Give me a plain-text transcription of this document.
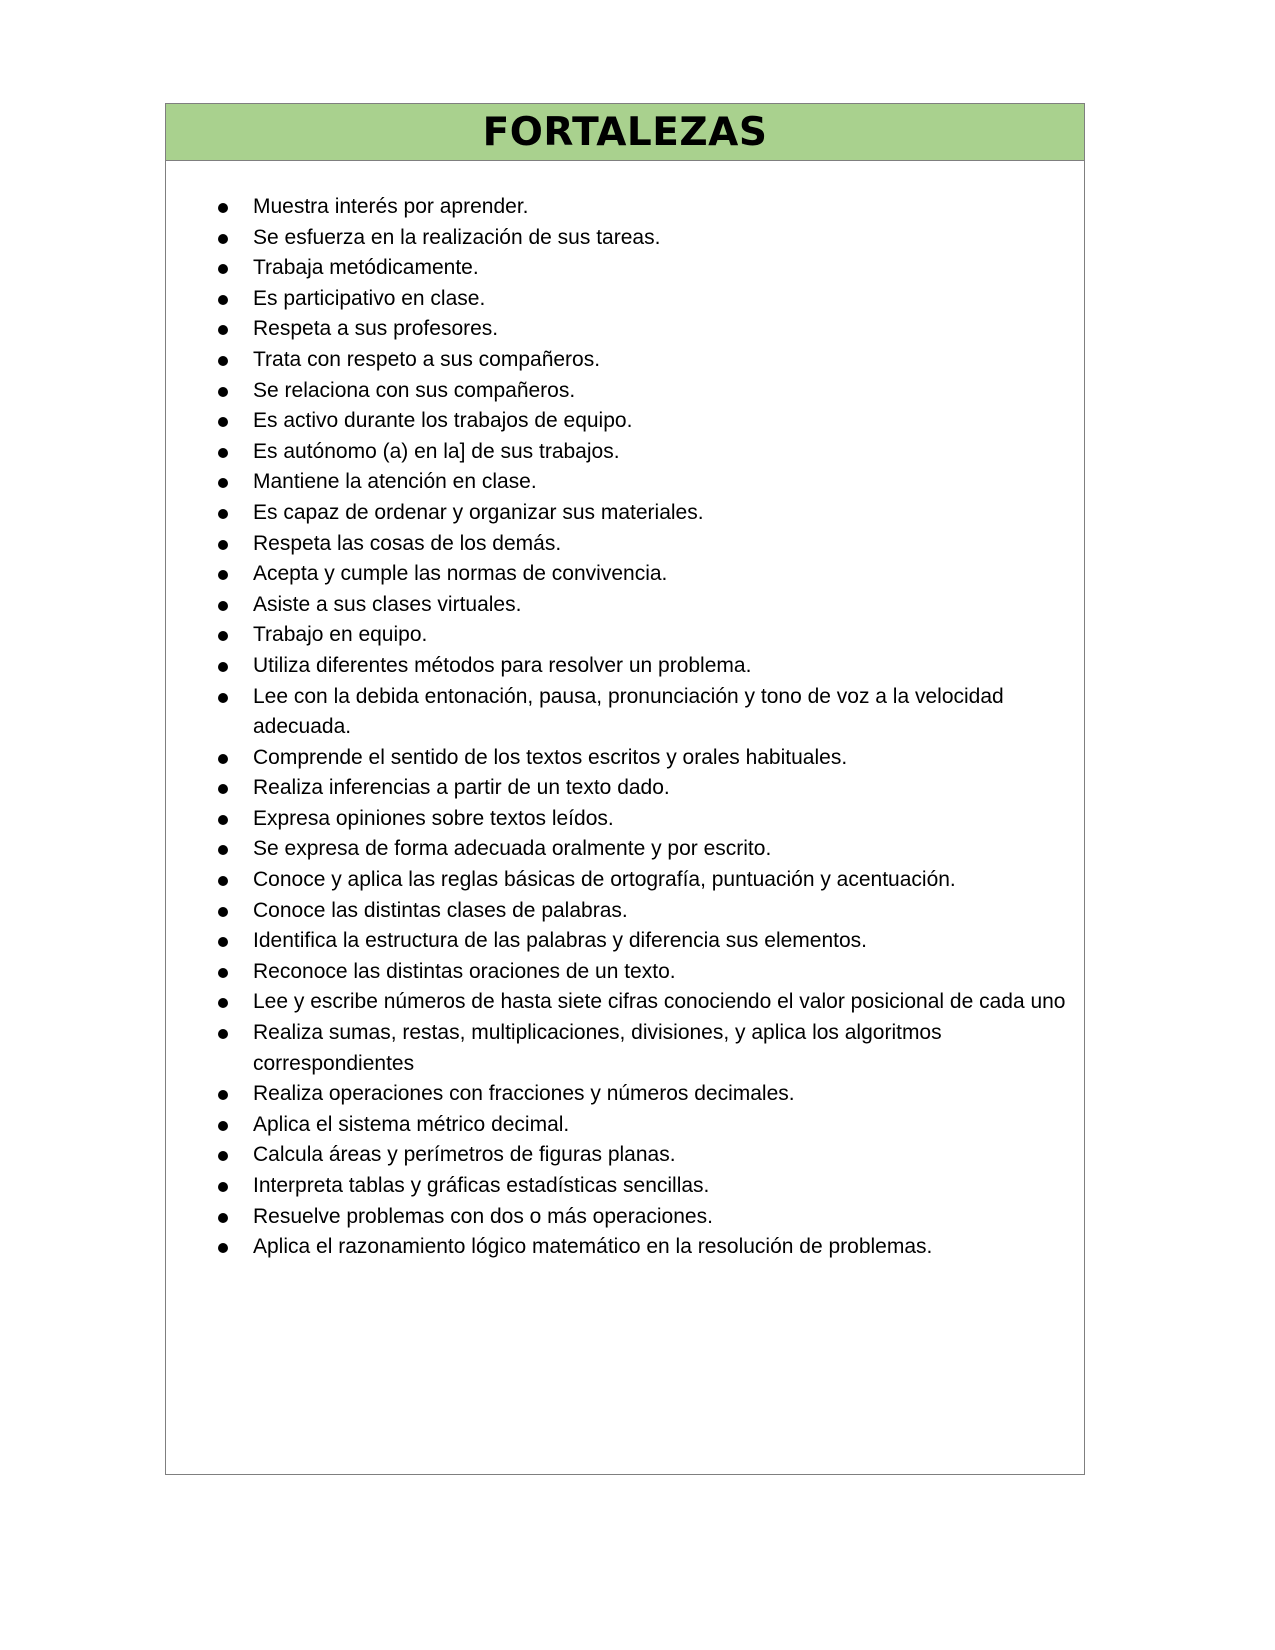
FORTALEZAS
Muestra interés por aprender.
Se esfuerza en la realización de sus tareas.
Trabaja metódicamente.
Es participativo en clase.
Respeta a sus profesores.
Trata con respeto a sus compañeros.
Se relaciona con sus compañeros.
Es activo durante los trabajos de equipo.
Es autónomo (a) en la] de sus trabajos.
Mantiene la atención en clase.
Es capaz de ordenar y organizar sus materiales.
Respeta las cosas de los demás.
Acepta y cumple las normas de convivencia.
Asiste a sus clases virtuales.
Trabajo en equipo.
Utiliza diferentes métodos para resolver un problema.
Lee con la debida entonación, pausa, pronunciación y tono de voz a la velocidad adecuada.
Comprende el sentido de los textos escritos y orales habituales.
Realiza inferencias a partir de un texto dado.
Expresa opiniones sobre textos leídos.
Se expresa de forma adecuada oralmente y por escrito.
Conoce y aplica las reglas básicas de ortografía, puntuación y acentuación.
Conoce las distintas clases de palabras.
Identifica la estructura de las palabras y diferencia sus elementos.
Reconoce las distintas oraciones de un texto.
Lee y escribe números de hasta siete cifras conociendo el valor posicional de cada uno
Realiza sumas, restas, multiplicaciones, divisiones, y aplica los algoritmos correspondientes
Realiza operaciones con fracciones y números decimales.
Aplica el sistema métrico decimal.
Calcula áreas y perímetros de figuras planas.
Interpreta tablas y gráficas estadísticas sencillas.
Resuelve problemas con dos o más operaciones.
Aplica el razonamiento lógico matemático en la resolución de problemas.
